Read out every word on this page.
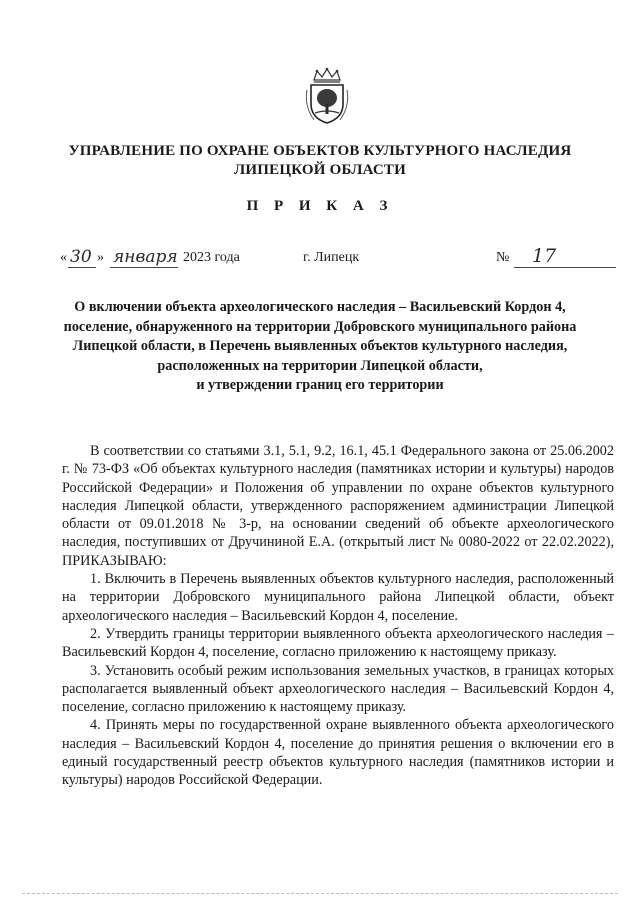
УПРАВЛЕНИЕ ПО ОХРАНЕ ОБЪЕКТОВ КУЛЬТУРНОГО НАСЛЕДИЯ
ЛИПЕЦКОЙ ОБЛАСТИ
П Р И К А З
« 30 » января 2023 года	г. Липецк	№ 17
О включении объекта археологического наследия – Васильевский Кордон 4,
поселение, обнаруженного на территории Добровского муниципального района
Липецкой области, в Перечень выявленных объектов культурного наследия,
расположенных на территории Липецкой области,
и утверждении границ его территории

В соответствии со статьями 3.1, 5.1, 9.2, 16.1, 45.1 Федерального закона от 25.06.2002 г. № 73-ФЗ «Об объектах культурного наследия (памятниках истории и культуры) народов Российской Федерации» и Положения об управлении по охране объектов культурного наследия Липецкой области, утвержденного распоряжением администрации Липецкой области от 09.01.2018 № 3-р, на основании сведений об объекте археологического наследия, поступивших от Дручининой Е.А. (открытый лист № 0080-2022 от 22.02.2022), ПРИКАЗЫВАЮ:

1. Включить в Перечень выявленных объектов культурного наследия, расположенный на территории Добровского муниципального района Липецкой области, объект археологического наследия – Васильевский Кордон 4, поселение.

2. Утвердить границы территории выявленного объекта археологического наследия – Васильевский Кордон 4, поселение, согласно приложению к настоящему приказу.

3. Установить особый режим использования земельных участков, в границах которых располагается выявленный объект археологического наследия – Васильевский Кордон 4, поселение, согласно приложению к настоящему приказу.

4. Принять меры по государственной охране выявленного объекта археологического наследия – Васильевский Кордон 4, поселение до принятия решения о включении его в единый государственный реестр объектов культурного наследия (памятников истории и культуры) народов Российской Федерации.
